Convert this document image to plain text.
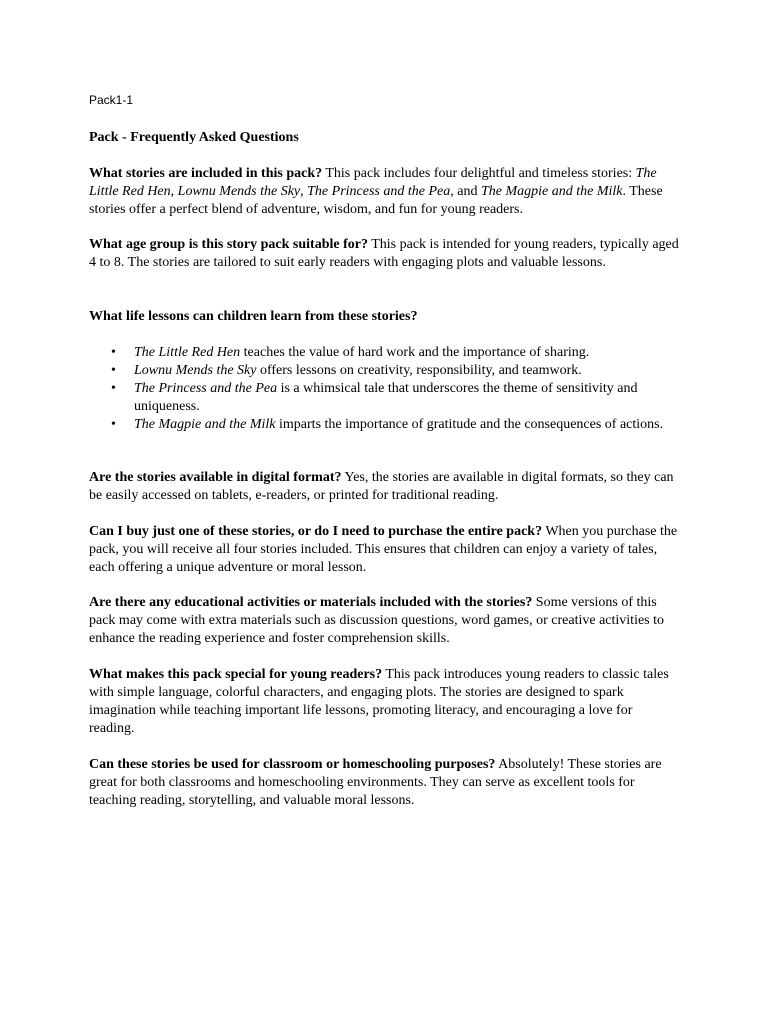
Pack1-1
Pack - Frequently Asked Questions

What stories are included in this pack? This pack includes four delightful and timeless stories: The Little Red Hen, Lownu Mends the Sky, The Princess and the Pea, and The Magpie and the Milk. These stories offer a perfect blend of adventure, wisdom, and fun for young readers.

What age group is this story pack suitable for? This pack is intended for young readers, typically aged 4 to 8. The stories are tailored to suit early readers with engaging plots and valuable lessons.

What life lessons can children learn from these stories?

• The Little Red Hen teaches the value of hard work and the importance of sharing.
• Lownu Mends the Sky offers lessons on creativity, responsibility, and teamwork.
• The Princess and the Pea is a whimsical tale that underscores the theme of sensitivity and uniqueness.
• The Magpie and the Milk imparts the importance of gratitude and the consequences of actions.

Are the stories available in digital format? Yes, the stories are available in digital formats, so they can be easily accessed on tablets, e-readers, or printed for traditional reading.

Can I buy just one of these stories, or do I need to purchase the entire pack? When you purchase the pack, you will receive all four stories included. This ensures that children can enjoy a variety of tales, each offering a unique adventure or moral lesson.

Are there any educational activities or materials included with the stories? Some versions of this pack may come with extra materials such as discussion questions, word games, or creative activities to enhance the reading experience and foster comprehension skills.

What makes this pack special for young readers? This pack introduces young readers to classic tales with simple language, colorful characters, and engaging plots. The stories are designed to spark imagination while teaching important life lessons, promoting literacy, and encouraging a love for reading.

Can these stories be used for classroom or homeschooling purposes? Absolutely! These stories are great for both classrooms and homeschooling environments. They can serve as excellent tools for teaching reading, storytelling, and valuable moral lessons.
